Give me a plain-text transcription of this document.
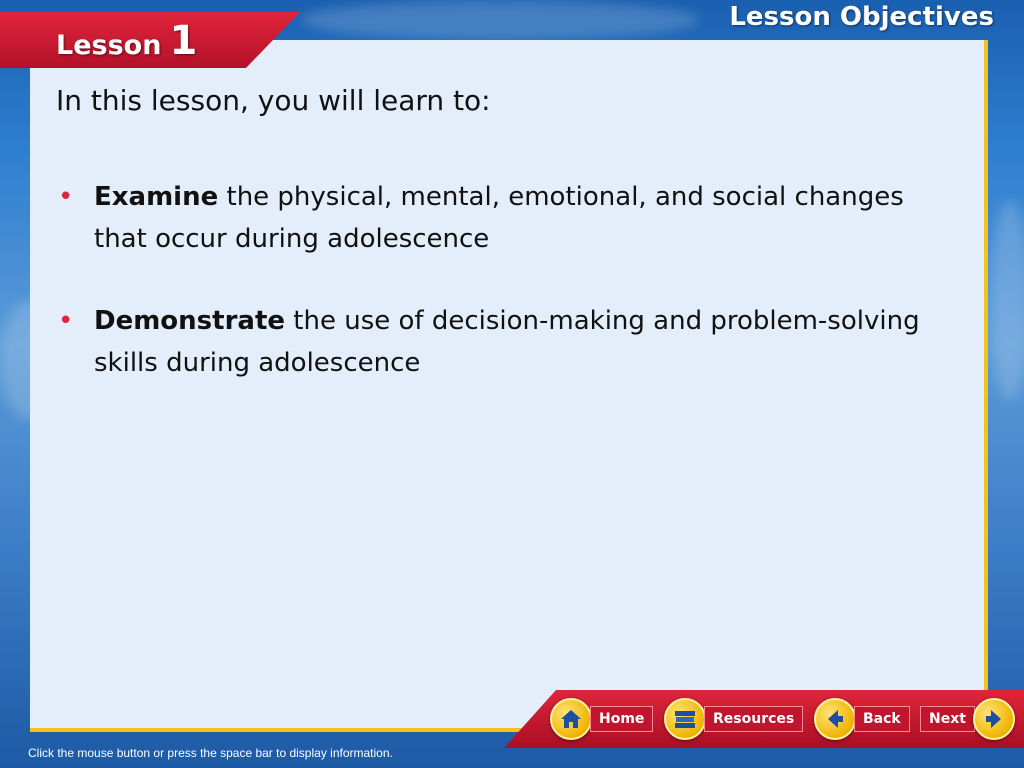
Lesson 1
Lesson Objectives
In this lesson, you will learn to:
• Examine the physical, mental, emotional, and social changes that occur during adolescence
• Demonstrate the use of decision-making and problem-solving skills during adolescence
Home	Resources	Back	Next
Click the mouse button or press the space bar to display information.
